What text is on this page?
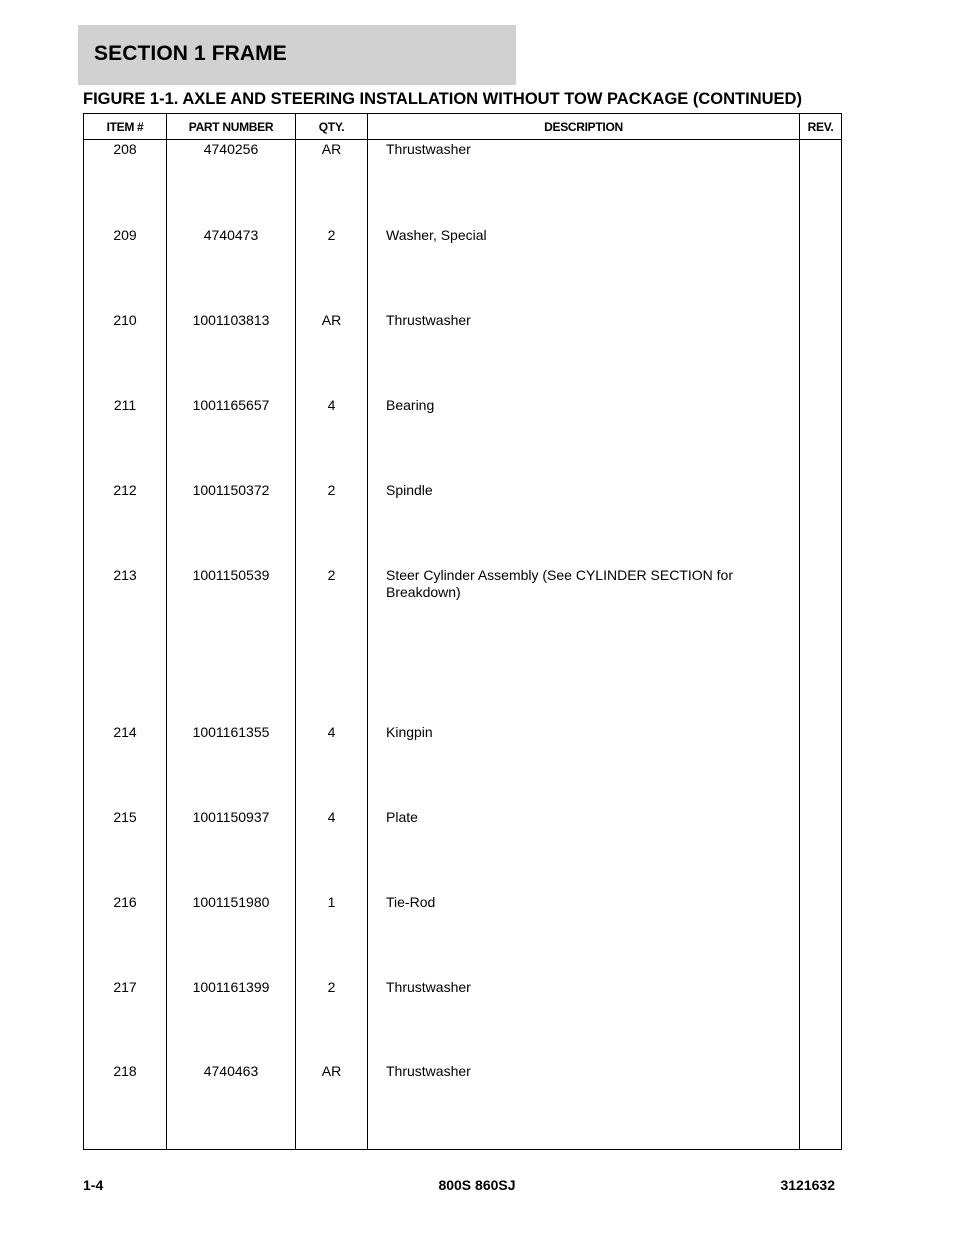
SECTION 1 FRAME
FIGURE 1-1. AXLE AND STEERING INSTALLATION WITHOUT TOW PACKAGE (CONTINUED)
ITEM #	PART NUMBER	QTY.	DESCRIPTION	REV.
208	4740256	AR	Thrustwasher	
209	4740473	2	Washer, Special	
210	1001103813	AR	Thrustwasher	
211	1001165657	4	Bearing	
212	1001150372	2	Spindle	
213	1001150539	2	Steer Cylinder Assembly (See CYLINDER SECTION for Breakdown)	
214	1001161355	4	Kingpin	
215	1001150937	4	Plate	
216	1001151980	1	Tie-Rod	
217	1001161399	2	Thrustwasher	
218	4740463	AR	Thrustwasher	

1-4	800S 860SJ	3121632
